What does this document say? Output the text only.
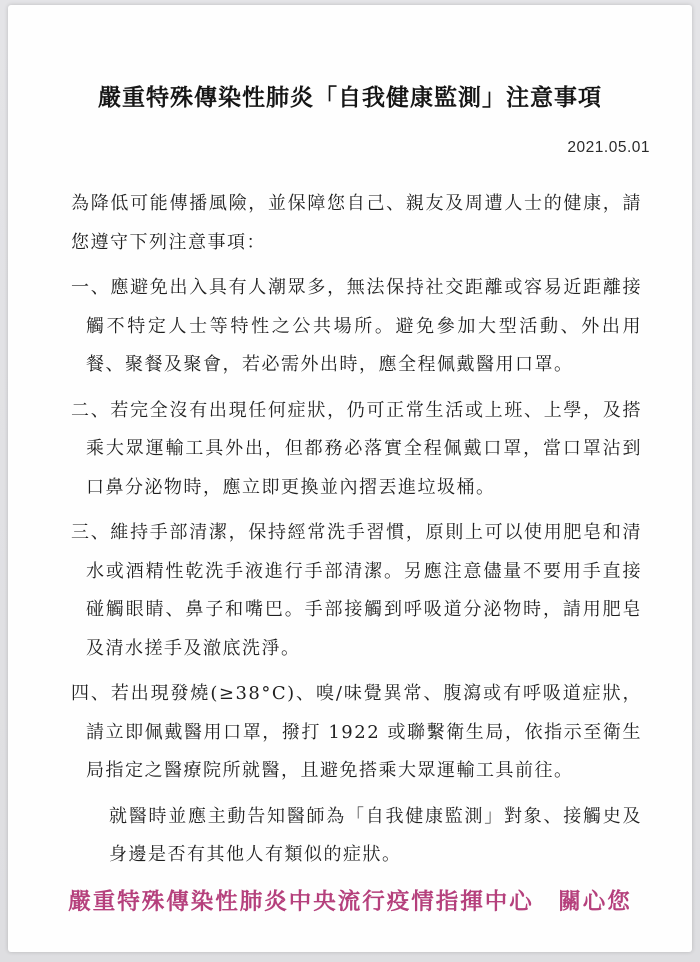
嚴重特殊傳染性肺炎「自我健康監測」注意事項
2021.05.01

為降低可能傳播風險，並保障您自己、親友及周遭人士的健康，請您遵守下列注意事項：

一、應避免出入具有人潮眾多，無法保持社交距離或容易近距離接觸不特定人士等特性之公共場所。避免參加大型活動、外出用餐、聚餐及聚會，若必需外出時，應全程佩戴醫用口罩。

二、若完全沒有出現任何症狀，仍可正常生活或上班、上學，及搭乘大眾運輸工具外出，但都務必落實全程佩戴口罩，當口罩沾到口鼻分泌物時，應立即更換並內摺丟進垃圾桶。

三、維持手部清潔，保持經常洗手習慣，原則上可以使用肥皂和清水或酒精性乾洗手液進行手部清潔。另應注意儘量不要用手直接碰觸眼睛、鼻子和嘴巴。手部接觸到呼吸道分泌物時，請用肥皂及清水搓手及澈底洗淨。

四、若出現發燒(≥38°C)、嗅/味覺異常、腹瀉或有呼吸道症狀，請立即佩戴醫用口罩，撥打 1922 或聯繫衛生局，依指示至衛生局指定之醫療院所就醫，且避免搭乘大眾運輸工具前往。

就醫時並應主動告知醫師為「自我健康監測」對象、接觸史及身邊是否有其他人有類似的症狀。

嚴重特殊傳染性肺炎中央流行疫情指揮中心　關心您
